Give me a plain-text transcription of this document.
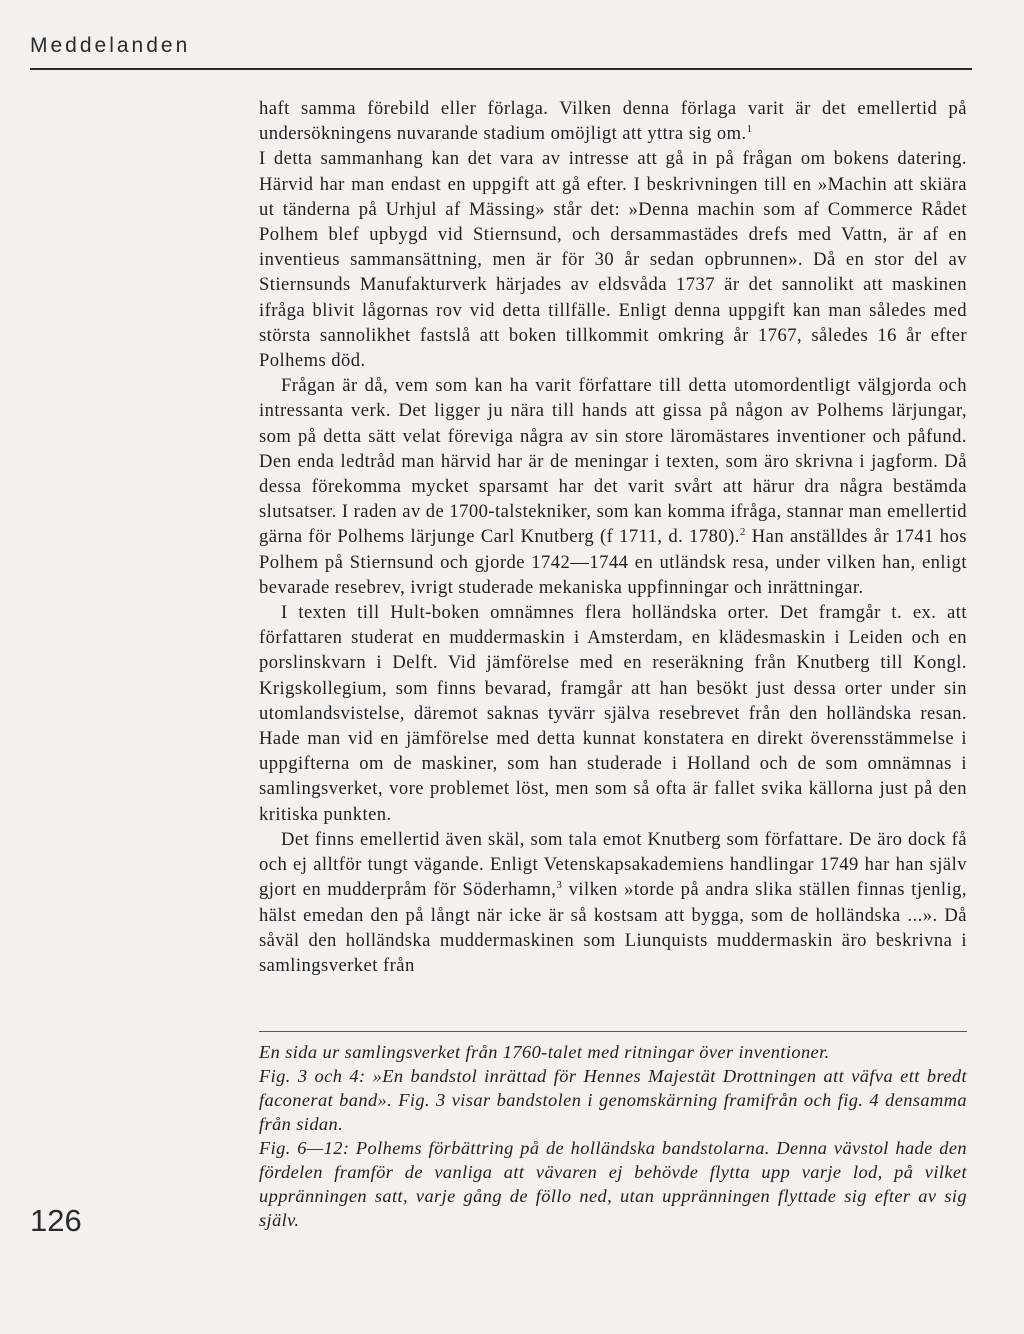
Meddelanden

haft samma förebild eller förlaga. Vilken denna förlaga varit är det emellertid på undersökningens nuvarande stadium omöjligt att yttra sig om.$^1$

I detta sammanhang kan det vara av intresse att gå in på frågan om bokens datering. Härvid har man endast en uppgift att gå efter. I beskrivningen till en »Machin att skiära ut tänderna på Urhjul af Mässing» står det: »Denna machin som af Commerce Rådet Polhem blef upbygd vid Stiernsund, och dersammastädes drefs med Vattn, är af en inventieus sammansättning, men är för 30 år sedan opbrunnen». Då en stor del av Stiernsunds Manufakturverk härjades av eldsvåda 1737 är det sannolikt att maskinen ifråga blivit lågornas rov vid detta tillfälle. Enligt denna uppgift kan man således med största sannolikhet fastslå att boken tillkommit omkring år 1767, således 16 år efter Polhems död.

Frågan är då, vem som kan ha varit författare till detta utomordentligt välgjorda och intressanta verk. Det ligger ju nära till hands att gissa på någon av Polhems lärjungar, som på detta sätt velat föreviga några av sin store läromästares inventioner och påfund. Den enda ledtråd man härvid har är de meningar i texten, som äro skrivna i jagform. Då dessa förekomma mycket sparsamt har det varit svårt att härur dra några bestämda slutsatser. I raden av de 1700-talstekniker, som kan komma ifråga, stannar man emellertid gärna för Polhems lärjunge Carl Knutberg (f 1711, d. 1780).$^2$ Han anställdes år 1741 hos Polhem på Stiernsund och gjorde 1742—1744 en utländsk resa, under vilken han, enligt bevarade resebrev, ivrigt studerade mekaniska uppfinningar och inrättningar.

I texten till Hult-boken omnämnes flera holländska orter. Det framgår t. ex. att författaren studerat en muddermaskin i Amsterdam, en klädesmaskin i Leiden och en porslinskvarn i Delft. Vid jämförelse med en reseräkning från Knutberg till Kongl. Krigskollegium, som finns bevarad, framgår att han besökt just dessa orter under sin utomlandsvistelse, däremot saknas tyvärr själva resebrevet från den holländska resan. Hade man vid en jämförelse med detta kunnat konstatera en direkt överensstämmelse i uppgifterna om de maskiner, som han studerade i Holland och de som omnämnas i samlingsverket, vore problemet löst, men som så ofta är fallet svika källorna just på den kritiska punkten.

Det finns emellertid även skäl, som tala emot Knutberg som författare. De äro dock få och ej alltför tungt vägande. Enligt Vetenskapsakademiens handlingar 1749 har han själv gjort en mudderpråm för Söderhamn,$^3$ vilken »torde på andra slika ställen finnas tjenlig, hälst emedan den på långt när icke är så kostsam att bygga, som de holländska ...». Då såväl den holländska muddermaskinen som Liunquists muddermaskin äro beskrivna i samlingsverket från

En sida ur samlingsverket från 1760-talet med ritningar över inventioner.

Fig. 3 och 4: »En bandstol inrättad för Hennes Majestät Drottningen att väfva ett bredt faconerat band». Fig. 3 visar bandstolen i genomskärning framifrån och fig. 4 densamma från sidan.

Fig. 6—12: Polhems förbättring på de holländska bandstolarna. Denna vävstol hade den fördelen framför de vanliga att vävaren ej behövde flytta upp varje lod, på vilket uppränningen satt, varje gång de föllo ned, utan uppränningen flyttade sig efter av sig själv.

126
